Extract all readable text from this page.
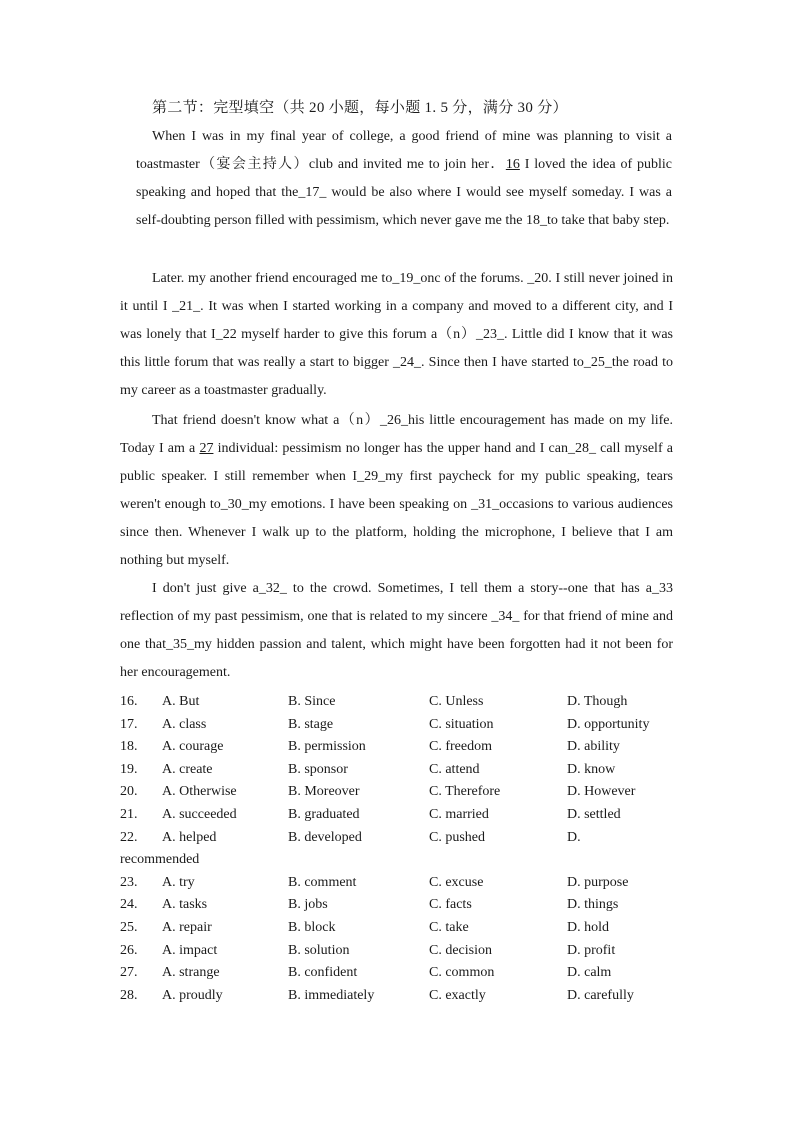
第二节：完型填空（共 20 小题，每小题 1. 5 分，满分 30 分）

When I was in my final year of college, a good friend of mine was planning to visit a toastmaster（宴会主持人）club and invited me to join her．16 I loved the idea of public speaking and hoped that the_17_ would be also where I would see myself someday. I was a self-doubting person filled with pessimism, which never gave me the 18_to take that baby step.

Later. my another friend encouraged me to_19_onc of the forums. _20. I still never joined in it until I _21_. It was when I started working in a company and moved to a different city, and I was lonely that I_22 myself harder to give this forum a（n）_23_. Little did I know that it was this little forum that was really a start to bigger _24_. Since then I have started to_25_the road to my career as a toastmaster gradually.

That friend doesn't know what a（n）_26_his little encouragement has made on my life. Today I am a 27 individual: pessimism no longer has the upper hand and I can_28_ call myself a public speaker. I still remember when I_29_my first paycheck for my public speaking, tears weren't enough to_30_my emotions. I have been speaking on _31_occasions to various audiences since then. Whenever I walk up to the platform, holding the microphone, I believe that I am nothing but myself.

I don't just give a_32_ to the crowd. Sometimes, I tell them a story--one that has a_33 reflection of my past pessimism, one that is related to my sincere _34_ for that friend of mine and one that_35_my hidden passion and talent, which might have been forgotten had it not been for her encouragement.

16. A. But	B. Since	C. Unless	D. Though
17. A. class	B. stage	C. situation	D. opportunity
18. A. courage	B. permission	C. freedom	D. ability
19. A. create	B. sponsor	C. attend	D. know
20. A. Otherwise	B. Moreover	C. Therefore	D. However
21. A. succeeded	B. graduated	C. married	D. settled
22. A. helped	B. developed	C. pushed	D.
recommended
23. A. try	B. comment	C. excuse	D. purpose
24. A. tasks	B. jobs	C. facts	D. things
25. A. repair	B. block	C. take	D. hold
26. A. impact	B. solution	C. decision	D. profit
27. A. strange	B. confident	C. common	D. calm
28. A. proudly	B. immediately	C. exactly	D. carefully
